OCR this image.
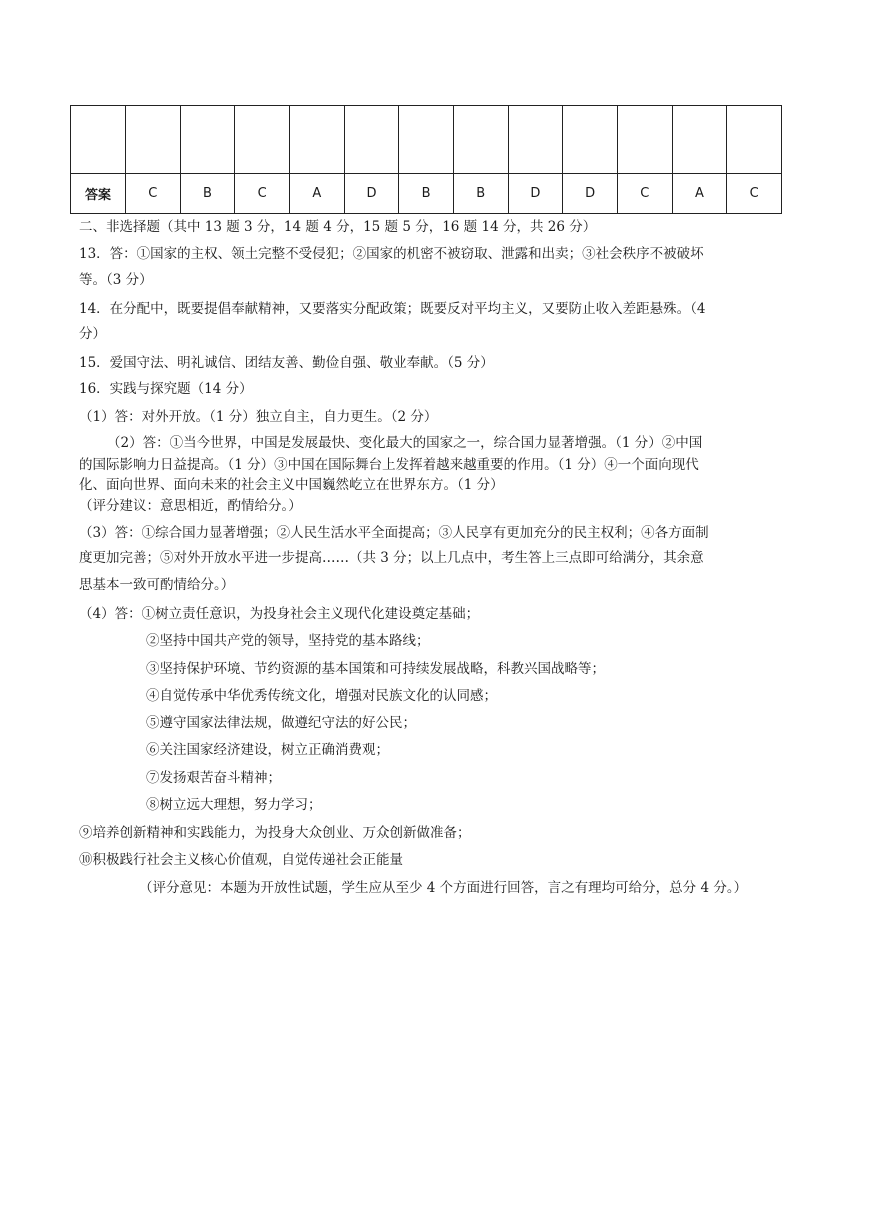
答案	C	B	C	A	D	B	B	D	D	C	A	C
二、非选择题（其中 13 题 3 分，14 题 4 分，15 题 5 分，16 题 14 分，共 26 分）
13．答：①国家的主权、领土完整不受侵犯；②国家的机密不被窃取、泄露和出卖；③社会秩序不被破坏
等。（3 分）
14．在分配中，既要提倡奉献精神，又要落实分配政策；既要反对平均主义，又要防止收入差距悬殊。（4
分）
15．爱国守法、明礼诚信、团结友善、勤俭自强、敬业奉献。（5 分）
16．实践与探究题（14 分）
（1）答：对外开放。（1 分）独立自主，自力更生。（2 分）
（2）答：①当今世界，中国是发展最快、变化最大的国家之一，综合国力显著增强。（1 分）②中国
的国际影响力日益提高。（1 分）③中国在国际舞台上发挥着越来越重要的作用。（1 分）④一个面向现代
化、面向世界、面向未来的社会主义中国巍然屹立在世界东方。（1 分）
（评分建议：意思相近，酌情给分。）
（3）答：①综合国力显著增强；②人民生活水平全面提高；③人民享有更加充分的民主权利；④各方面制
度更加完善；⑤对外开放水平进一步提高……（共 3 分；以上几点中，考生答上三点即可给满分，其余意
思基本一致可酌情给分。）
（4）答：①树立责任意识，为投身社会主义现代化建设奠定基础；
②坚持中国共产党的领导，坚持党的基本路线；
③坚持保护环境、节约资源的基本国策和可持续发展战略，科教兴国战略等；
④自觉传承中华优秀传统文化，增强对民族文化的认同感；
⑤遵守国家法律法规，做遵纪守法的好公民；
⑥关注国家经济建设，树立正确消费观；
⑦发扬艰苦奋斗精神；
⑧树立远大理想，努力学习；
⑨培养创新精神和实践能力，为投身大众创业、万众创新做准备；
⑩积极践行社会主义核心价值观，自觉传递社会正能量
（评分意见：本题为开放性试题，学生应从至少 4 个方面进行回答，言之有理均可给分，总分 4 分。）
